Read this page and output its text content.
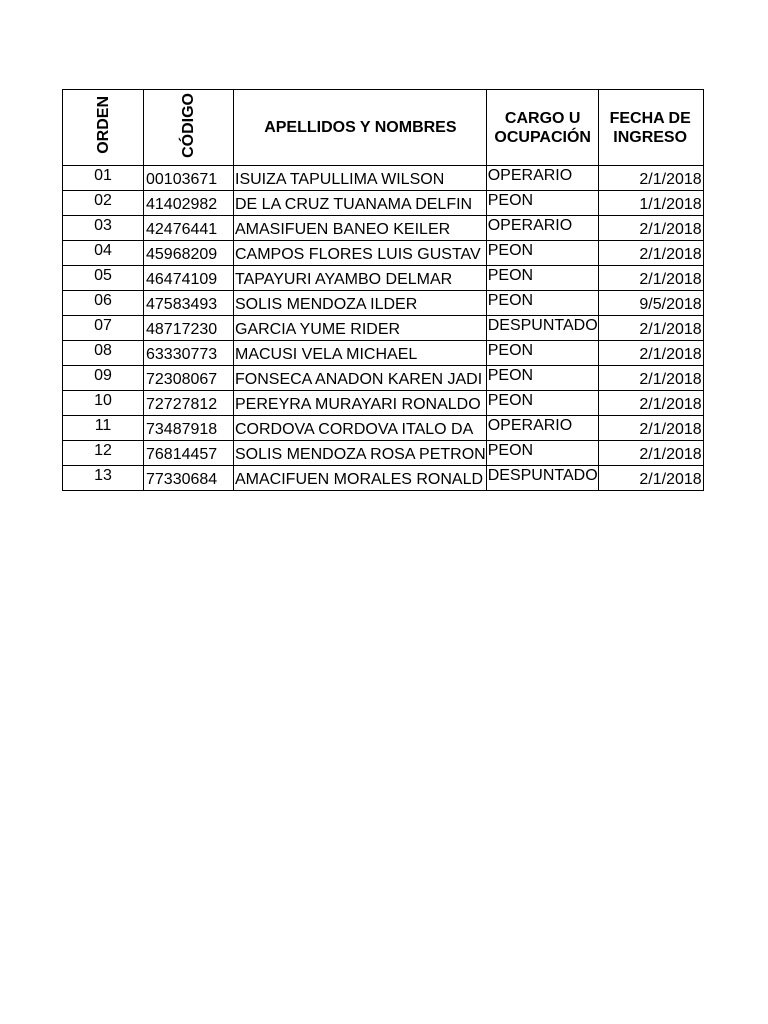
ORDEN	CÓDIGO	APELLIDOS Y NOMBRES	CARGO U OCUPACIÓN	FECHA DE INGRESO
01	00103671	ISUIZA TAPULLIMA WILSON	OPERARIO	2/1/2018
02	41402982	DE LA CRUZ TUANAMA DELFIN	PEON	1/1/2018
03	42476441	AMASIFUEN BANEO KEILER	OPERARIO	2/1/2018
04	45968209	CAMPOS FLORES LUIS GUSTAV	PEON	2/1/2018
05	46474109	TAPAYURI AYAMBO DELMAR	PEON	2/1/2018
06	47583493	SOLIS MENDOZA ILDER	PEON	9/5/2018
07	48717230	GARCIA YUME RIDER	DESPUNTADO	2/1/2018
08	63330773	MACUSI VELA MICHAEL	PEON	2/1/2018
09	72308067	FONSECA ANADON KAREN JADI	PEON	2/1/2018
10	72727812	PEREYRA MURAYARI RONALDO	PEON	2/1/2018
11	73487918	CORDOVA CORDOVA ITALO DA	OPERARIO	2/1/2018
12	76814457	SOLIS MENDOZA ROSA PETRON	PEON	2/1/2018
13	77330684	AMACIFUEN MORALES RONALD	DESPUNTADO	2/1/2018
